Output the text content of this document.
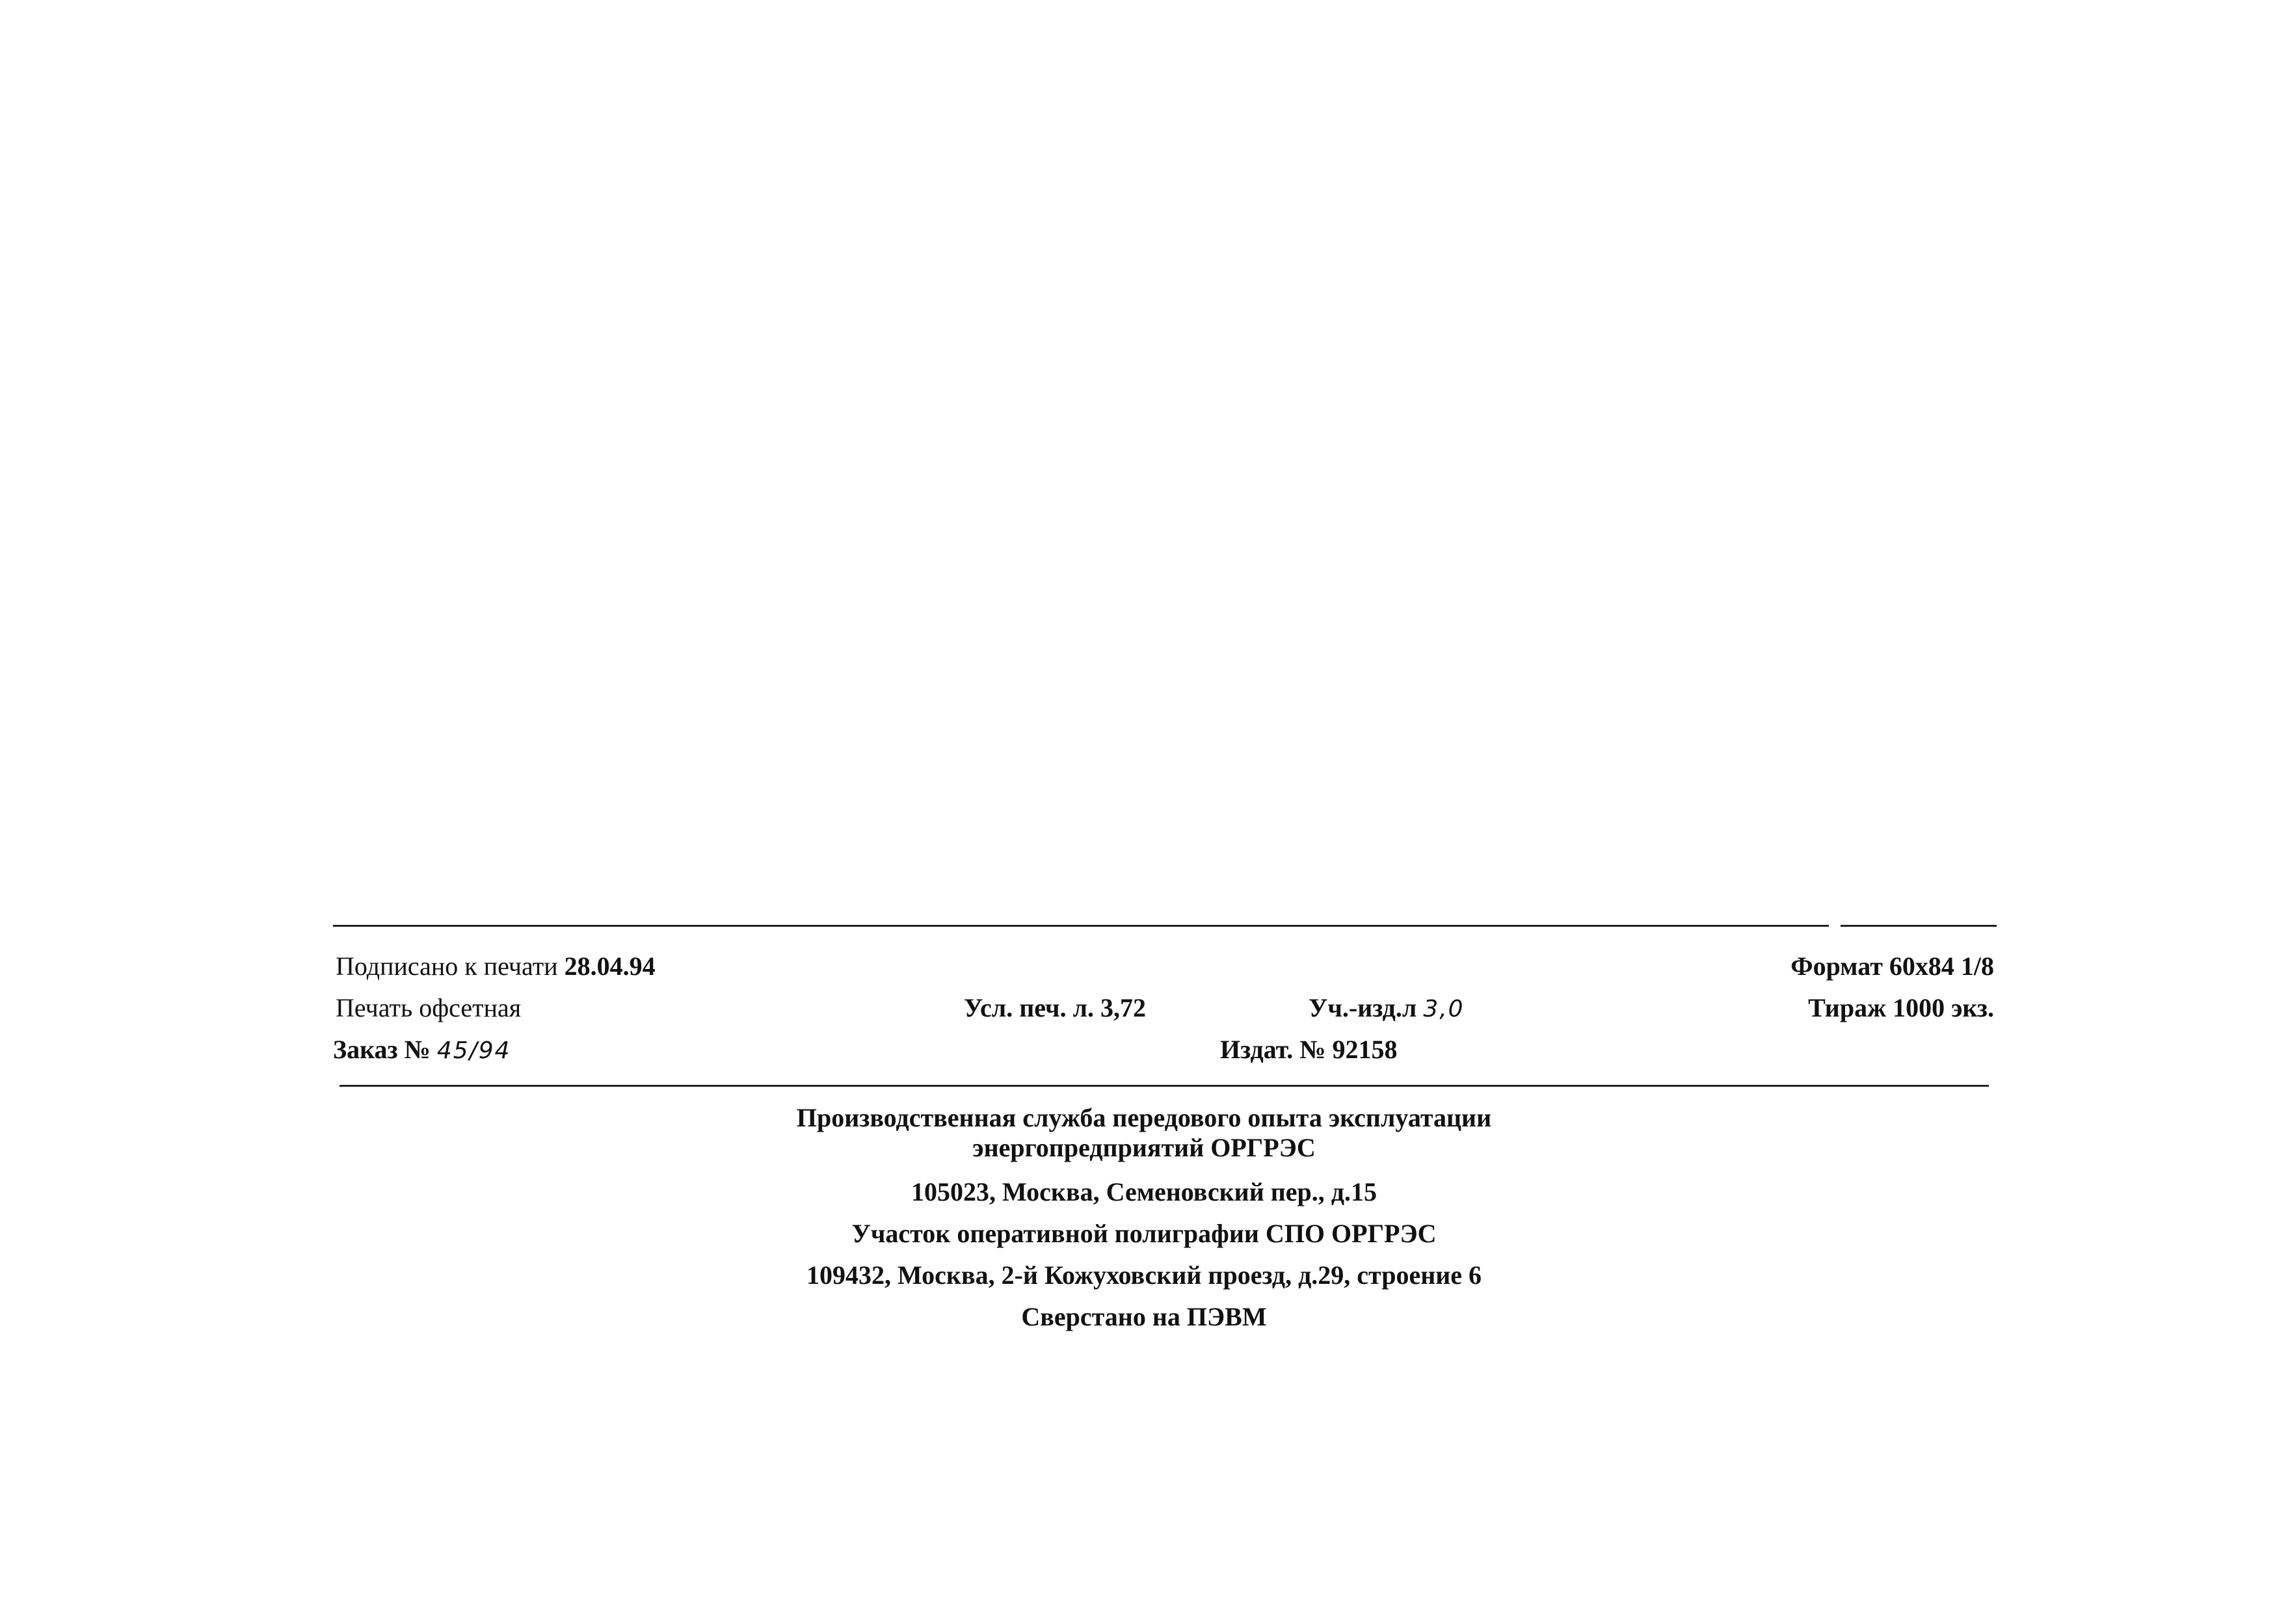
Подписано к печати 28.04.94	Формат 60x84 1/8
Печать офсетная	Усл. печ. л. 3,72	Уч.-изд.л 3,0	Тираж 1000 экз.
Заказ № 45/94	Издат. № 92158
Производственная служба передового опыта эксплуатации
энергопредприятий ОРГРЭС
105023, Москва, Семеновский пер., д.15
Участок оперативной полиграфии СПО ОРГРЭС
109432, Москва, 2-й Кожуховский проезд, д.29, строение 6
Сверстано на ПЭВМ
